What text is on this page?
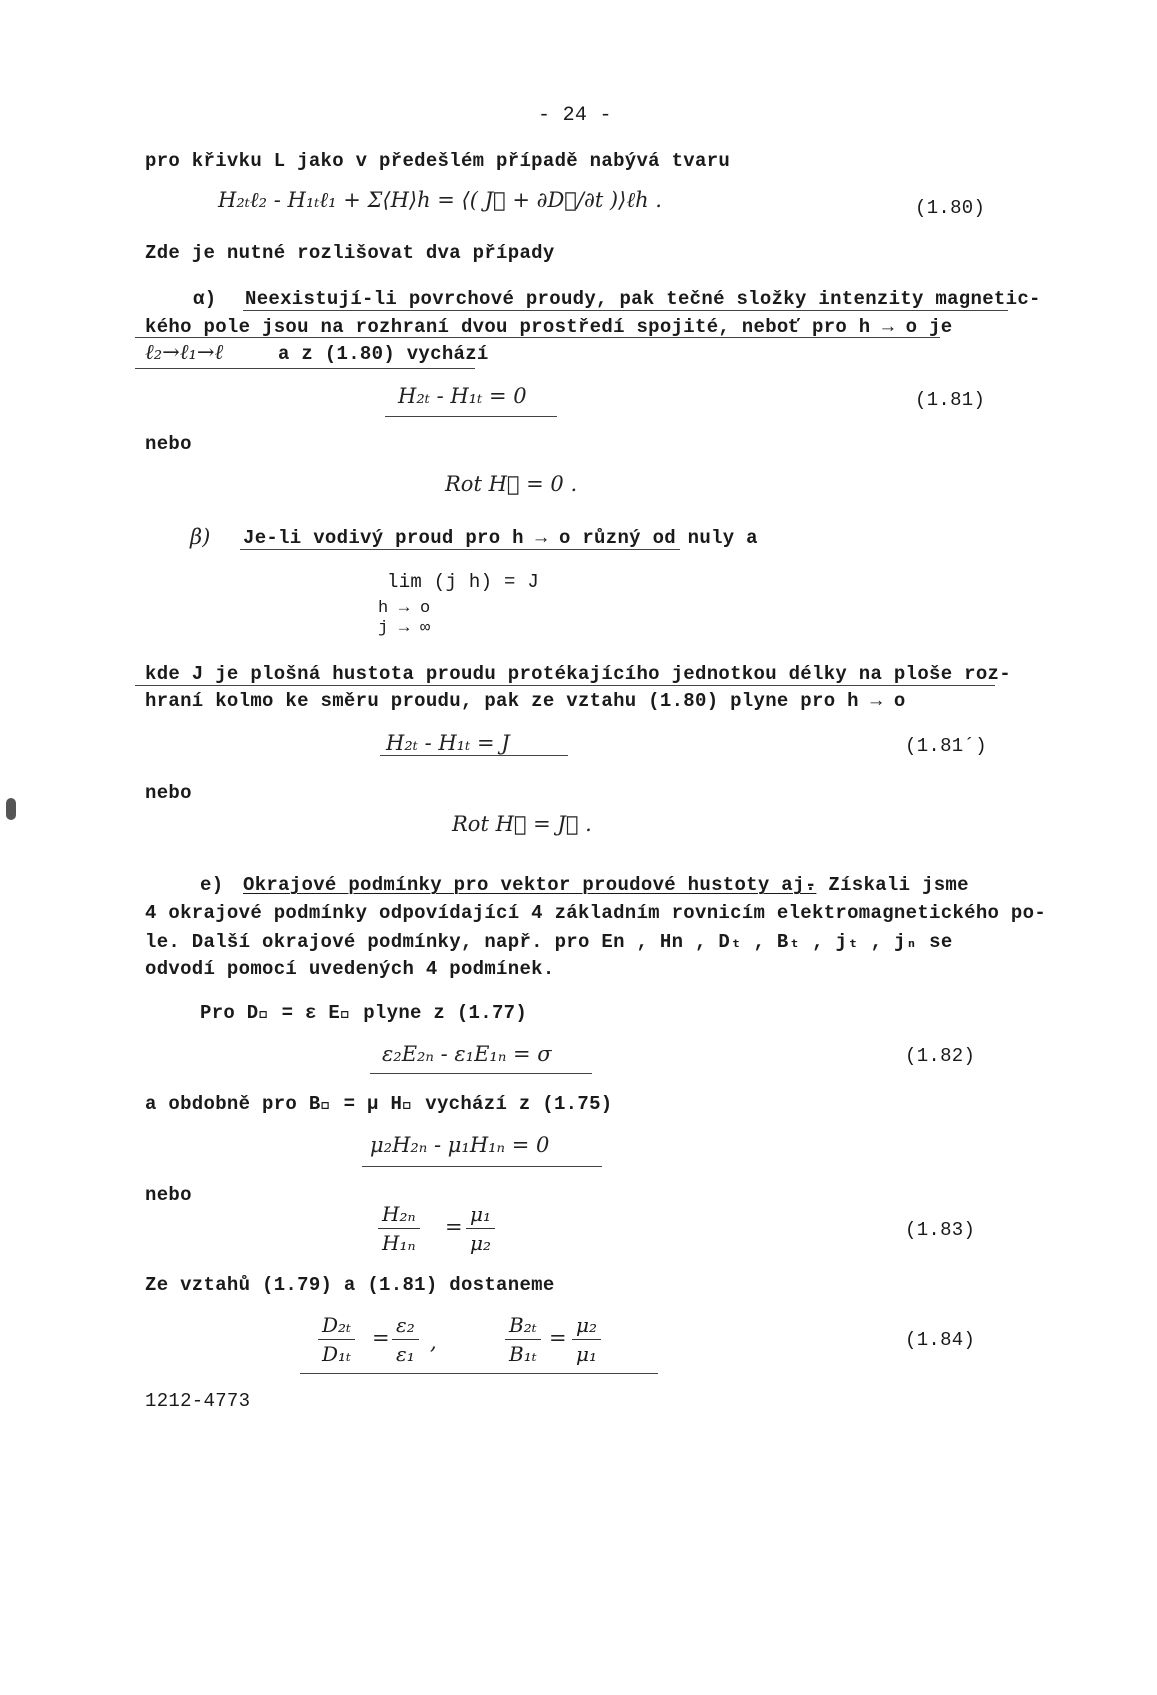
- 24 -
pro křivku L jako v předešlém případě nabývá tvaru
H₂ₜℓ₂ - H₁ₜℓ₁ + Σ⟨H⟩h = ⟨( J⃗ + ∂D⃗/∂t )⟩ℓh .	(1.80)
Zde je nutné rozlišovat dva případy
α) Neexistují-li povrchové proudy, pak tečné složky intenzity magnetic-
kého pole jsou na rozhraní dvou prostředí spojité, neboť pro h → o je
ℓ₂→ℓ₁→ℓ	a z (1.80) vychází
H₂ₜ - H₁ₜ = 0	(1.81)
nebo
Rot H⃗ = 0 .
β) Je-li vodivý proud pro h → o různý od nuly a
lim (j h) = J
h → o
j → ∞
kde J je plošná hustota proudu protékajícího jednotkou délky na ploše roz-
hraní kolmo ke směru proudu, pak ze vztahu (1.80) plyne pro h → o
H₂ₜ - H₁ₜ = J	(1.81´)
nebo
Rot H⃗ = J⃗ .
e) Okrajové podmínky pro vektor proudové hustoty aj.
- Získali jsme
4 okrajové podmínky odpovídající 4 základním rovnicím elektromagnetického po-
le. Další okrajové podmínky, např. pro En , Hn , Dₜ , Bₜ , jₜ , jₙ se
odvodí pomocí uvedených 4 podmínek.
Pro D⃗ = ε E⃗ plyne z (1.77)
ε₂E₂ₙ - ε₁E₁ₙ = σ	(1.82)
a obdobně pro B⃗ = μ H⃗ vychází z (1.75)
μ₂H₂ₙ - μ₁H₁ₙ = 0
nebo
$\frac{\text{H₂ₙ}}{\text{H₁ₙ}} = \frac{\text{μ₁}}{\text{μ₂}}$	(1.83)
Ze vztahů (1.79) a (1.81) dostaneme
$\frac{\text{D₂ₜ}}{\text{D₁ₜ}} = \frac{\text{ε₂}}{\text{ε₁}}$ ,	$\frac{\text{B₂ₜ}}{\text{B₁ₜ}} = \frac{\text{μ₂}}{\text{μ₁}}$	(1.84)
1212-4773
